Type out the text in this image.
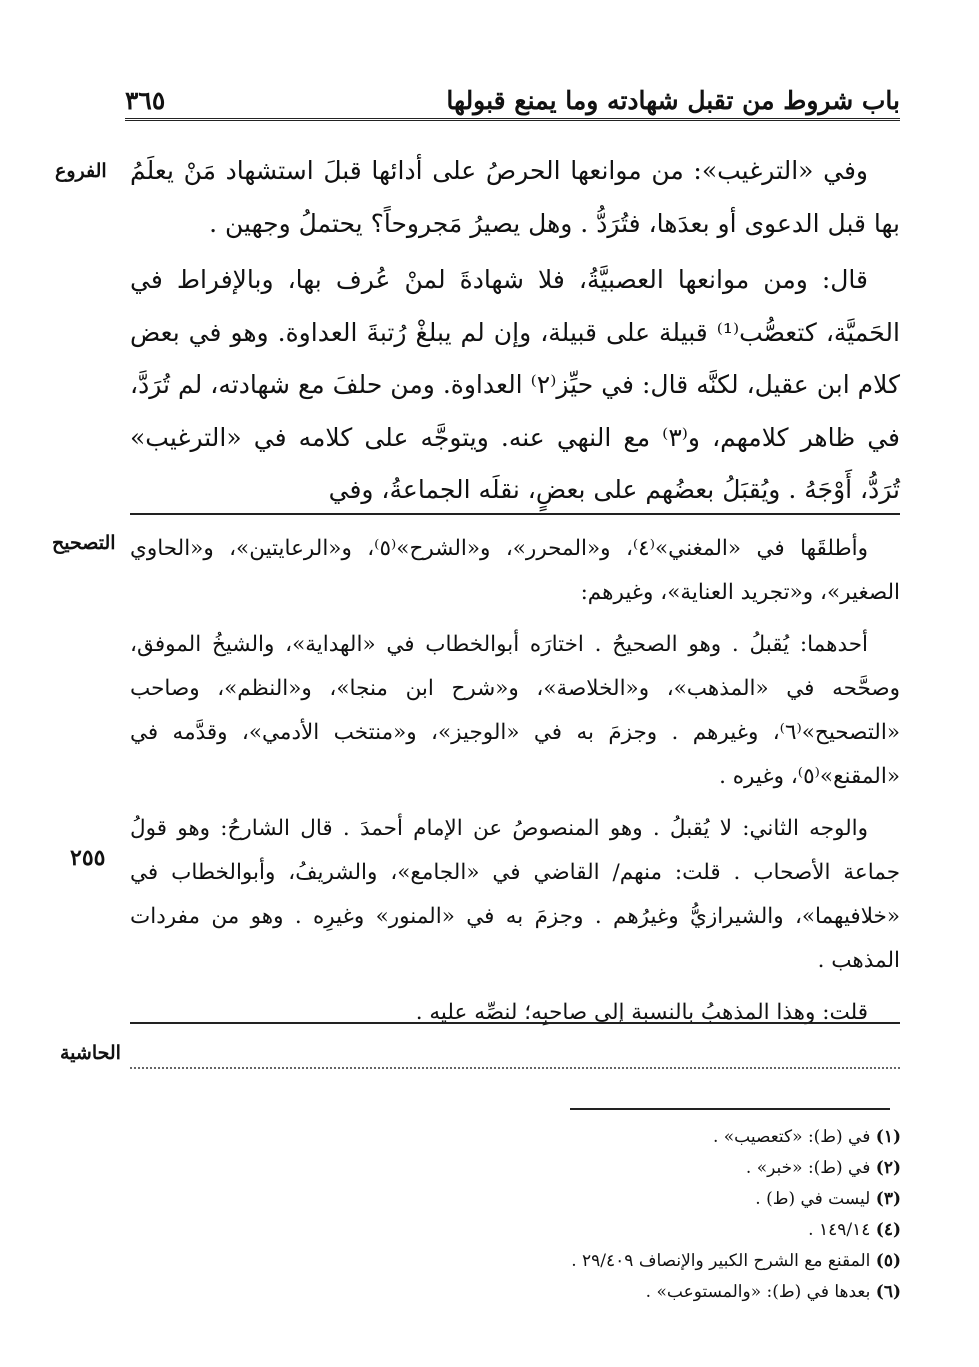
باب شروط من تقبل شهادته وما يمنع قبولها
٣٦٥
الفروع وفي «الترغيب»: من موانعها الحرصُ على أدائها قبلَ استشهاد مَنْ يعلَمُ بها قبل الدعوى أو بعدَها، فتُرَدُّ . وهل يصيرُ مَجروحاً؟ يحتملُ وجهين .

قال: ومن موانعها العصبيَّةُ، فلا شهادةَ لمنْ عُرف بها، وبالإفراط في الحَميَّة، كتعصُّب⁽¹⁾ قبيلة على قبيلة، وإن لم يبلغْ رُتبةَ العداوة. وهو في بعض كلام ابن عقيل، لكنَّه قال: في حيِّز⁽٢⁾ العداوة. ومن حلفَ مع شهادته، لم تُرَدَّ، في ظاهر كلامهم، و⁽٣⁾ مع النهي عنه. ويتوجَّه على كلامه في «الترغيب» تُرَدُّ، أَوْجَهُ . ويُقبَلُ بعضُهم على بعضٍ، نقلَه الجماعةُ، وفي

التصحيح وأطلقَها في «المغني»⁽٤⁾، و«المحرر»، و«الشرح»⁽٥⁾، و«الرعايتين»، و«الحاوي الصغير»، و«تجريد العناية»، وغيرهم:

أحدهما: يُقبلُ . وهو الصحيحُ . اختارَه أبوالخطاب في «الهداية»، والشيخُ الموفق، وصحَّحه في «المذهب»، و«الخلاصة»، و«شرح ابن منجا»، و«النظم»، وصاحب «التصحيح»⁽٦⁾، وغيرهم . وجزمَ به في «الوجيز»، و«منتخب الأدمي»، وقدَّمه في «المقنع»⁽٥⁾، وغيره .

والوجه الثاني: لا يُقبلُ . وهو المنصوصُ عن الإمام أحمدَ . قال الشارحُ: وهو قولُ جماعة الأصحاب . قلت: منهم/ القاضي في «الجامع»، والشريفُ، وأبوالخطاب في «خلافيهما»، والشيرازيُّ وغيرُهم . وجزمَ به في «المنور» وغيرِه . وهو من مفردات المذهب .

قلت: وهذا المذهبُ بالنسبة إلى صاحبِه؛ لنصِّه عليه .

٢٥٥
الحاشية
(١) في (ط): «كتعصيب» .
(٢) في (ط): «خبر» .
(٣) ليست في (ط) .
(٤) ١٤٩/١٤ .
(٥) المقنع مع الشرح الكبير والإنصاف ٢٩/٤٠٩ .
(٦) بعدها في (ط): «والمستوعب» .
